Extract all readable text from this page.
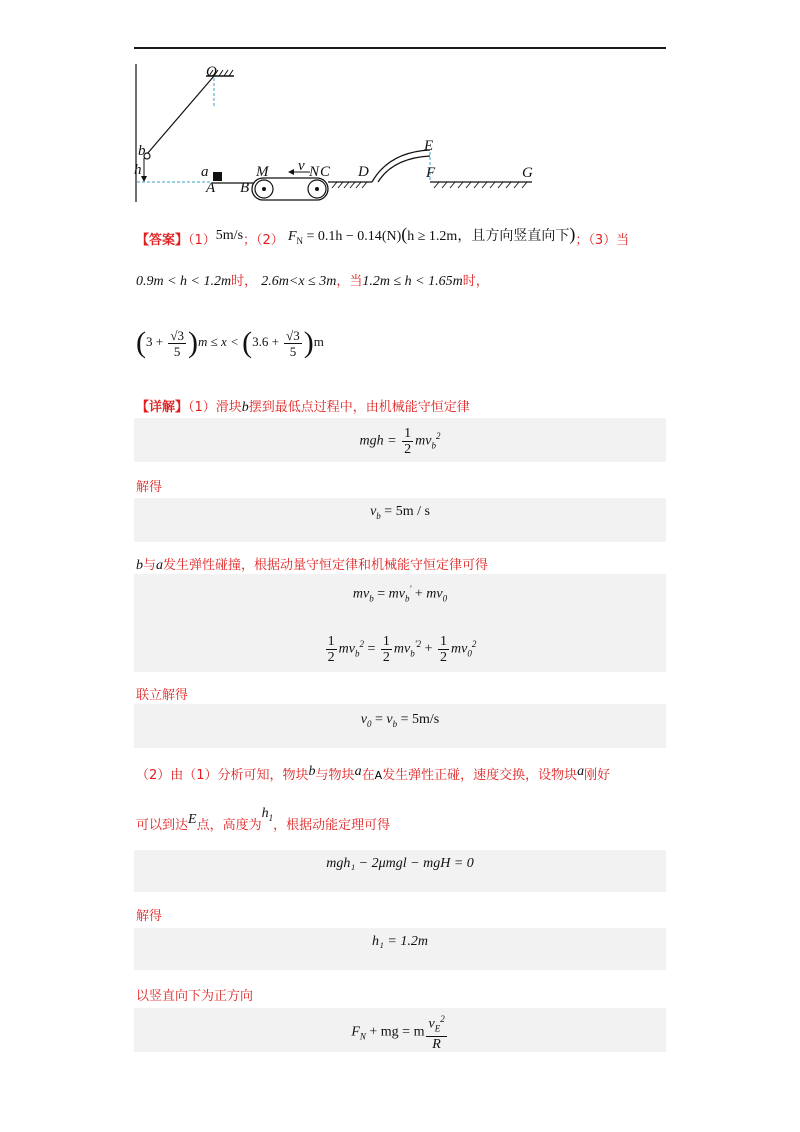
O
b
h	a
A
M v N C
B
D
E
F	G
【答案】（1）5m/s；（2） $F_N = 0.1h - 0.14(N)(h \ge 1.2m$，且方向竖直向下)；（3）当
0.9m < h < 1.2m时， 2.6m<x ≤ 3m，当1.2m ≤ h < 1.65m时，
$(3 + \frac{√3}{5} )m \le x < (3.6 + \frac{√3}{5} )m$
【详解】（1）滑块b摆到最低点过程中，由机械能守恒定律
mgh = $\frac{1}{2} mv_b^2$
解得
$v_b = 5m / s$
b与a发生弹性碰撞，根据动量守恒定律和机械能守恒定律可得
$mv_b = mv_b' + mv_0$
$\frac{1}{2} mv_b^2 = \frac{1}{2} mv_b^{'2} + \frac{1}{2} mv_0^2$
联立解得
$v_0 = v_b = 5m/s$
（2）由（1）分析可知，物块b与物块a在A发生弹性正碰，速度交换，设物块a刚好
可以到达E点，高度为$h_1$，根据动能定理可得
mgh₁ − 2μmgl − mgH = 0
解得
h₁ = 1.2m
以竖直向下为正方向
$F_N$ + mg = m $\frac{v_E^2}{R}$
